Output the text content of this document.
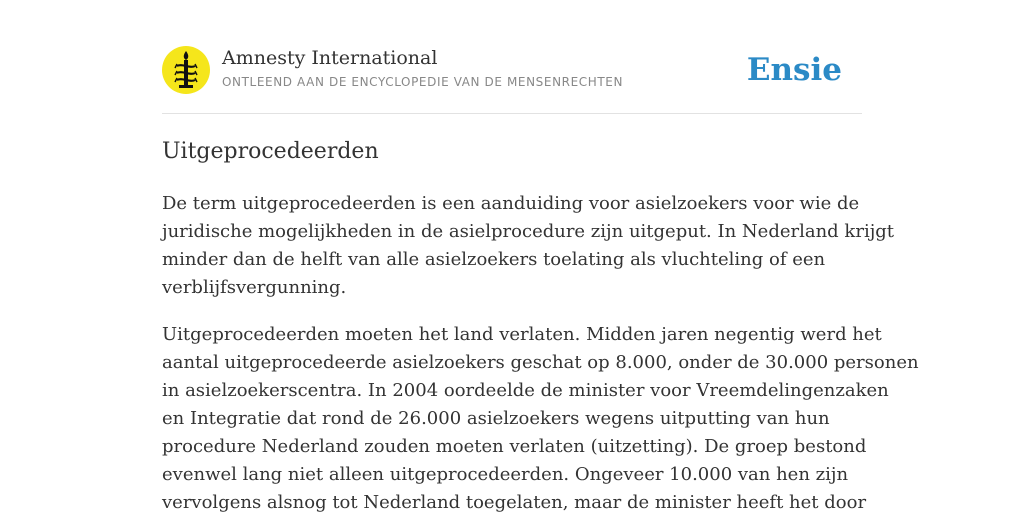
Amnesty International
ONTLEEND AAN DE ENCYCLOPEDIE VAN DE MENSENRECHTEN	Ensie
Uitgeprocedeerden

De term uitgeprocedeerden is een aanduiding voor asielzoekers voor wie de
juridische mogelijkheden in de asielprocedure zijn uitgeput. In Nederland krijgt
minder dan de helft van alle asielzoekers toelating als vluchteling of een
verblijfsvergunning.

Uitgeprocedeerden moeten het land verlaten. Midden jaren negentig werd het
aantal uitgeprocedeerde asielzoekers geschat op 8.000, onder de 30.000 personen
in asielzoekerscentra. In 2004 oordeelde de minister voor Vreemdelingenzaken
en Integratie dat rond de 26.000 asielzoekers wegens uitputting van hun
procedure Nederland zouden moeten verlaten (uitzetting). De groep bestond
evenwel lang niet alleen uitgeprocedeerden. Ongeveer 10.000 van hen zijn
vervolgens alsnog tot Nederland toegelaten, maar de minister heeft het door
